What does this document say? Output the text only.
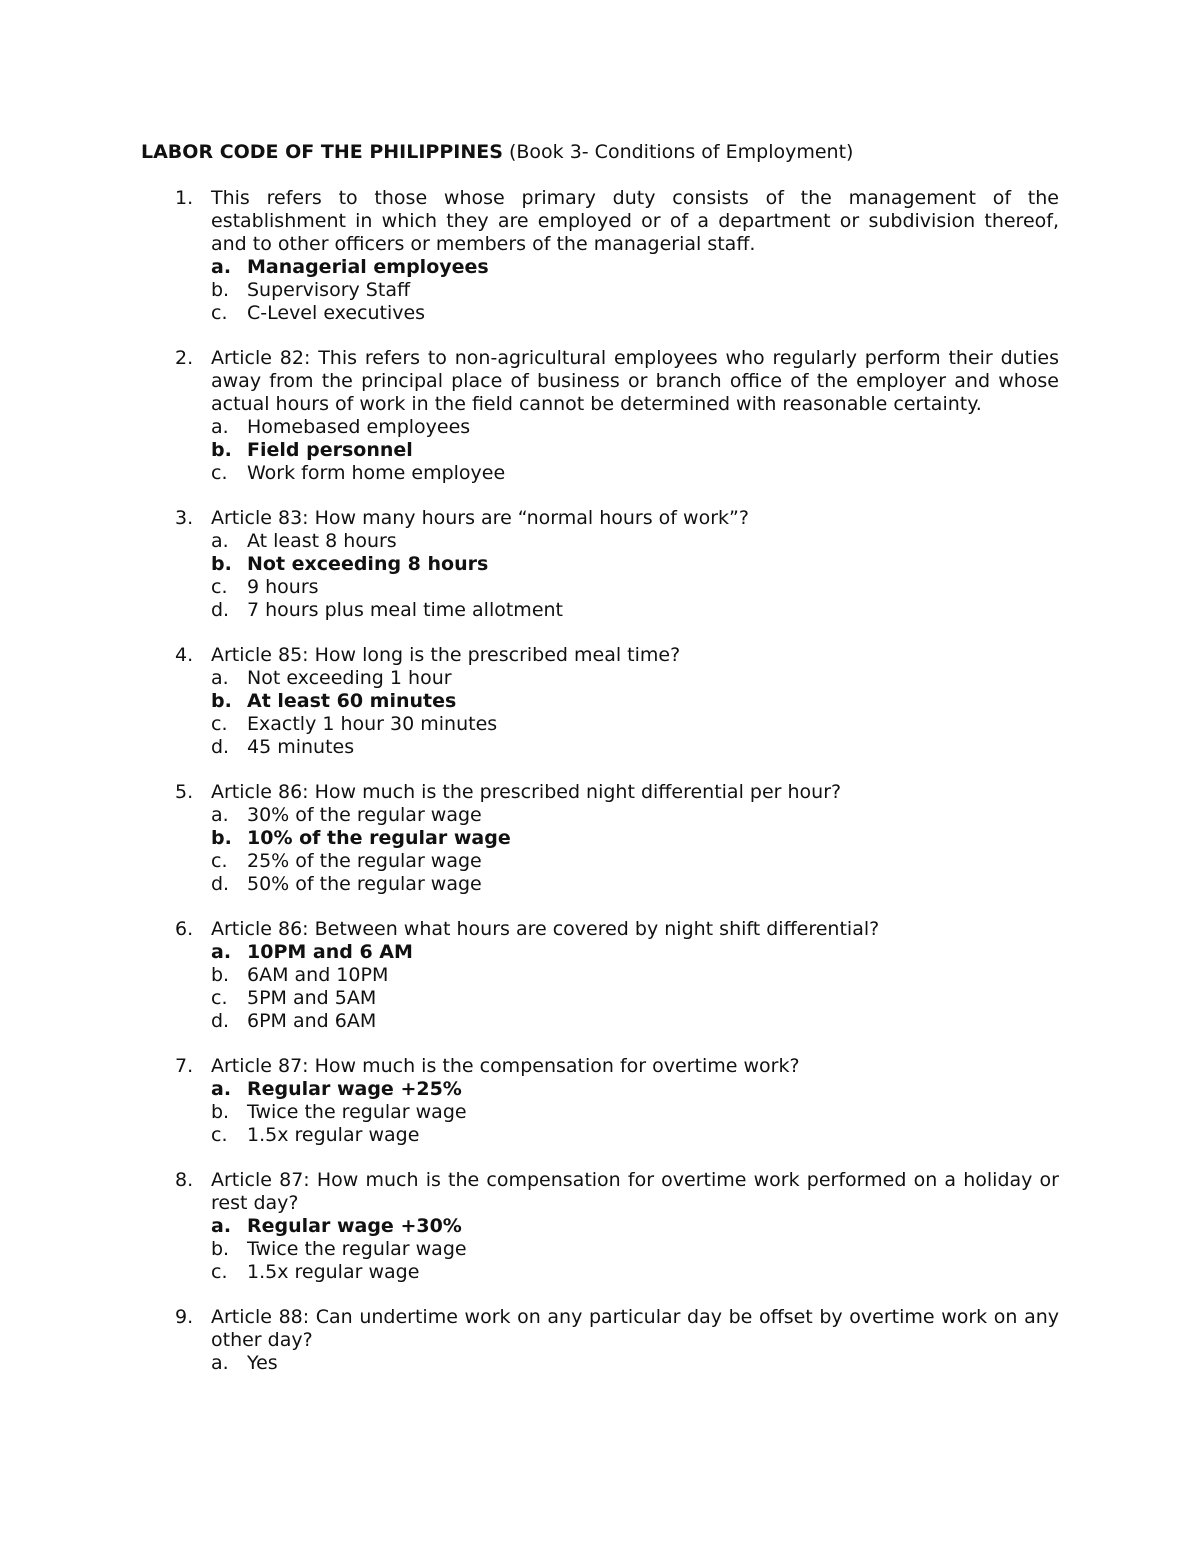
LABOR CODE OF THE PHILIPPINES (Book 3- Conditions of Employment)
1. This refers to those whose primary duty consists of the management of the establishment in which they are employed or of a department or subdivision thereof, and to other officers or members of the managerial staff.

a. Managerial employees
b. Supervisory Staff
c. C-Level executives
2. Article 82: This refers to non-agricultural employees who regularly perform their duties away from the principal place of business or branch office of the employer and whose actual hours of work in the field cannot be determined with reasonable certainty.

a. Homebased employees
b. Field personnel
c. Work form home employee
3. Article 83: How many hours are “normal hours of work”?

a. At least 8 hours
b. Not exceeding 8 hours
c. 9 hours
d. 7 hours plus meal time allotment
4. Article 85: How long is the prescribed meal time?

a. Not exceeding 1 hour
b. At least 60 minutes
c. Exactly 1 hour 30 minutes
d. 45 minutes
5. Article 86: How much is the prescribed night differential per hour?

a. 30% of the regular wage
b. 10% of the regular wage
c. 25% of the regular wage
d. 50% of the regular wage
6. Article 86: Between what hours are covered by night shift differential?

a. 10PM and 6 AM
b. 6AM and 10PM
c. 5PM and 5AM
d. 6PM and 6AM
7. Article 87: How much is the compensation for overtime work?

a. Regular wage +25%
b. Twice the regular wage
c. 1.5x regular wage
8. Article 87: How much is the compensation for overtime work performed on a holiday or rest day?

a. Regular wage +30%
b. Twice the regular wage
c. 1.5x regular wage
9. Article 88: Can undertime work on any particular day be offset by overtime work on any other day?

a. Yes
